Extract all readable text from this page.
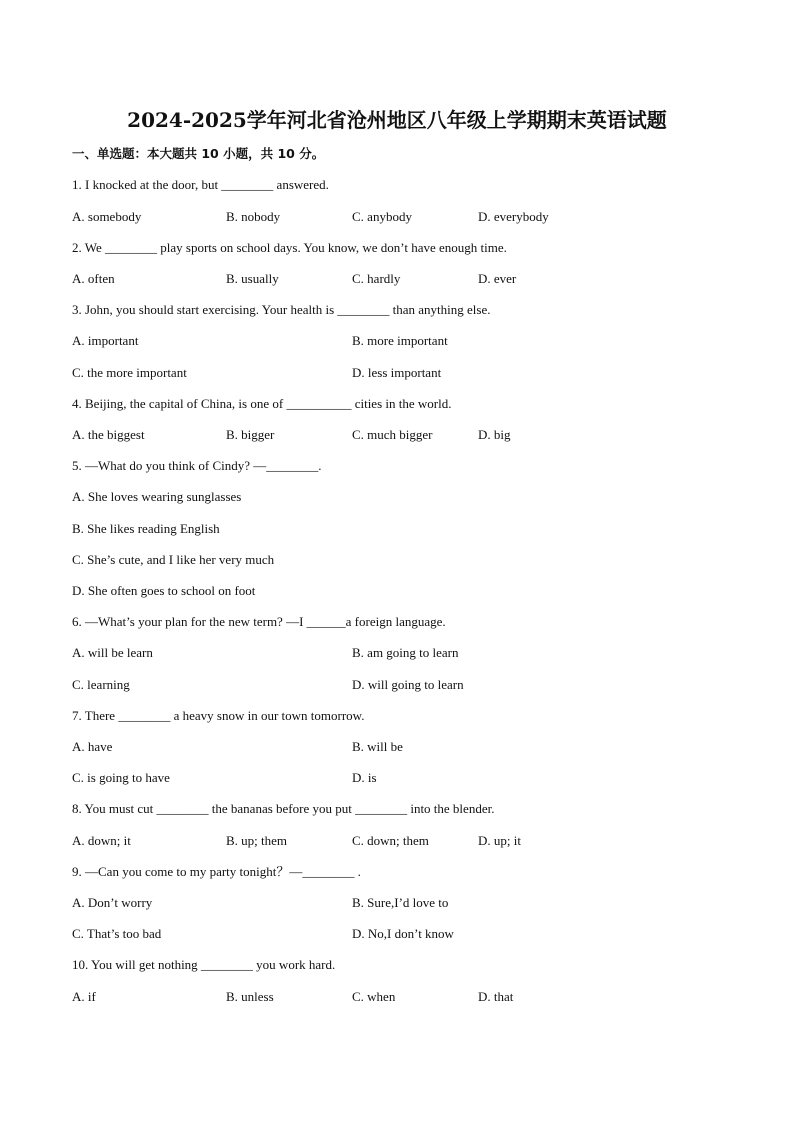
2024-2025学年河北省沧州地区八年级上学期期末英语试题
一、单选题：本大题共 10 小题，共 10 分。
1. I knocked at the door, but ________ answered.
A. somebody	B. nobody	C. anybody	D. everybody
2. We ________ play sports on school days. You know, we don’t have enough time.
A. often	B. usually	C. hardly	D. ever
3. John, you should start exercising. Your health is ________ than anything else.
A. important	B. more important
C. the more important	D. less important
4. Beijing, the capital of China, is one of __________ cities in the world.
A. the biggest	B. bigger	C. much bigger	D. big
5. —What do you think of Cindy? —________.
A. She loves wearing sunglasses
B. She likes reading English
C. She’s cute, and I like her very much
D. She often goes to school on foot
6. —What’s your plan for the new term? —I ______a foreign language.
A. will be learn	B. am going to learn
C. learning	D. will going to learn
7. There ________ a heavy snow in our town tomorrow.
A. have	B. will be
C. is going to have	D. is
8. You must cut ________ the bananas before you put ________ into the blender.
A. down; it	B. up; them	C. down; them	D. up; it
9. —Can you come to my party tonight？—________ .
A. Don’t worry	B. Sure,I’d love to
C. That’s too bad	D. No,I don’t know
10. You will get nothing ________ you work hard.
A. if	B. unless	C. when	D. that
